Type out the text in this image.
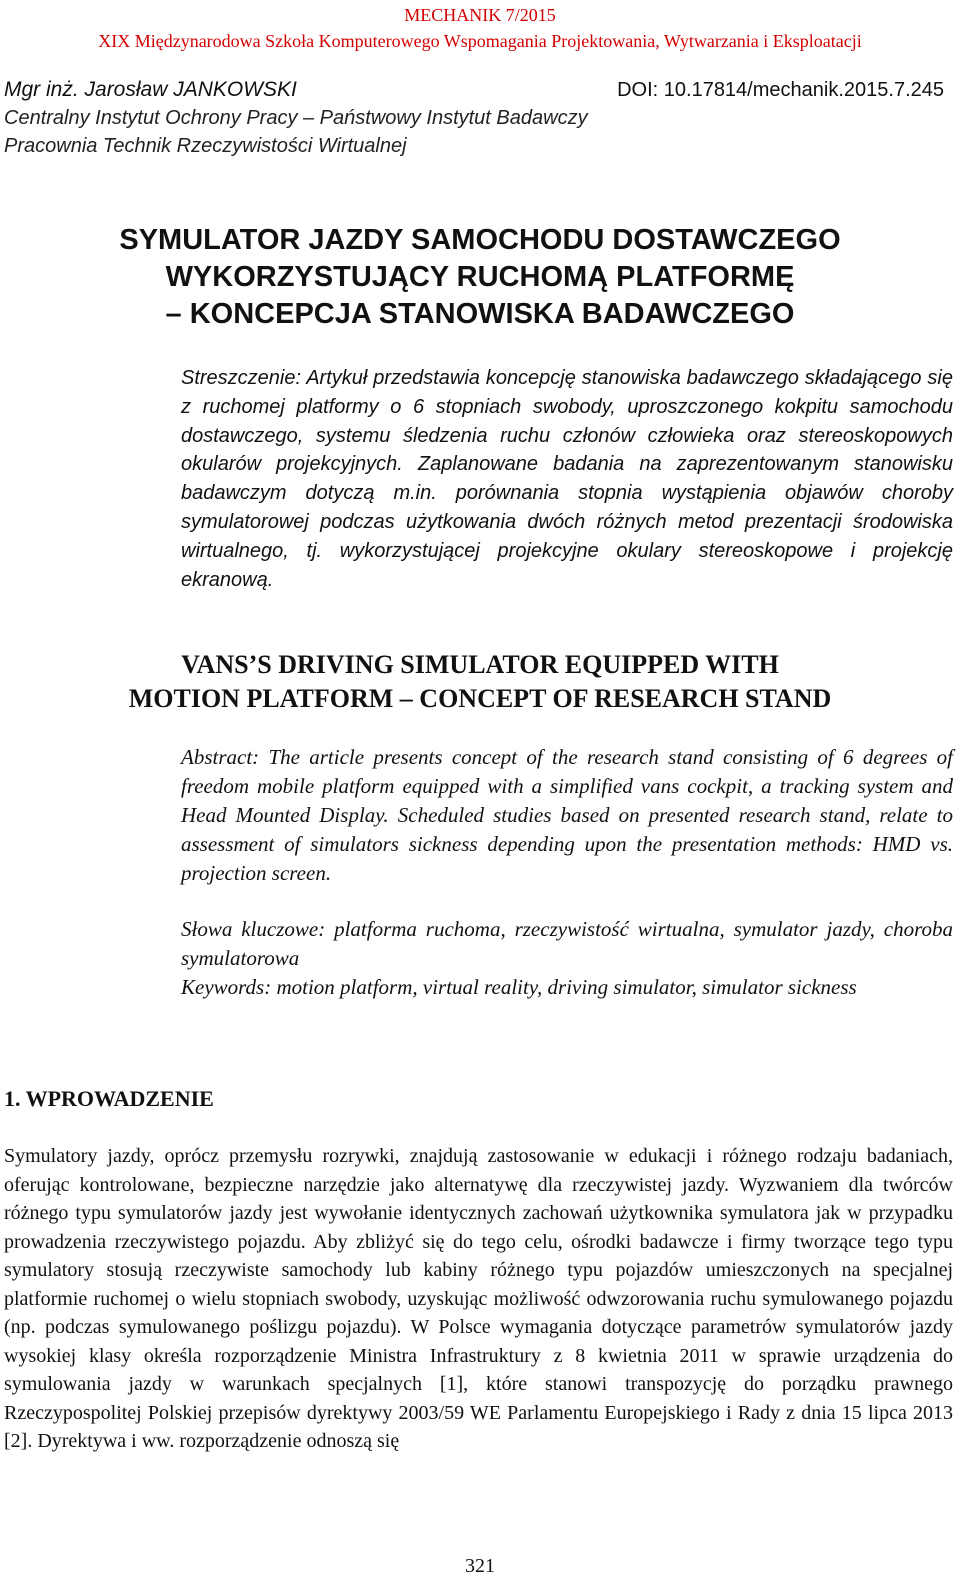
MECHANIK 7/2015
XIX Międzynarodowa Szkoła Komputerowego Wspomagania Projektowania, Wytwarzania i Eksploatacji
Mgr inż. Jarosław JANKOWSKI	DOI: 10.17814/mechanik.2015.7.245
Centralny Instytut Ochrony Pracy – Państwowy Instytut Badawczy
Pracownia Technik Rzeczywistości Wirtualnej
SYMULATOR JAZDY SAMOCHODU DOSTAWCZEGO
WYKORZYSTUJĄCY RUCHOMĄ PLATFORMĘ
– KONCEPCJA STANOWISKA BADAWCZEGO
Streszczenie: Artykuł przedstawia koncepcję stanowiska badawczego składającego się z ruchomej platformy o 6 stopniach swobody, uproszczonego kokpitu samochodu dostawczego, systemu śledzenia ruchu członów człowieka oraz stereoskopowych okularów projekcyjnych. Zaplanowane badania na zaprezentowanym stanowisku badawczym dotyczą m.in. porównania stopnia wystąpienia objawów choroby symulatorowej podczas użytkowania dwóch różnych metod prezentacji środowiska wirtualnego, tj. wykorzystującej projekcyjne okulary stereoskopowe i projekcję ekranową.
VANS’S DRIVING SIMULATOR EQUIPPED WITH
MOTION PLATFORM – CONCEPT OF RESEARCH STAND
Abstract: The article presents concept of the research stand consisting of 6 degrees of freedom mobile platform equipped with a simplified vans cockpit, a tracking system and Head Mounted Display. Scheduled studies based on presented research stand, relate to assessment of simulators sickness depending upon the presentation methods: HMD vs. projection screen.

Słowa kluczowe: platforma ruchoma, rzeczywistość wirtualna, symulator jazdy, choroba symulatorowa

Keywords: motion platform, virtual reality, driving simulator, simulator sickness

1. WPROWADZENIE
Symulatory jazdy, oprócz przemysłu rozrywki, znajdują zastosowanie w edukacji i różnego rodzaju badaniach, oferując kontrolowane, bezpieczne narzędzie jako alternatywę dla rzeczywistej jazdy. Wyzwaniem dla twórców różnego typu symulatorów jazdy jest wywołanie identycznych zachowań użytkownika symulatora jak w przypadku prowadzenia rzeczywistego pojazdu. Aby zbliżyć się do tego celu, ośrodki badawcze i firmy tworzące tego typu symulatory stosują rzeczywiste samochody lub kabiny różnego typu pojazdów umieszczonych na specjalnej platformie ruchomej o wielu stopniach swobody, uzyskując możliwość odwzorowania ruchu symulowanego pojazdu (np. podczas symulowanego poślizgu pojazdu). W Polsce wymagania dotyczące parametrów symulatorów jazdy wysokiej klasy określa rozporządzenie Ministra Infrastruktury z 8 kwietnia 2011 w sprawie urządzenia do symulowania jazdy w warunkach specjalnych [1], które stanowi transpozycję do porządku prawnego Rzeczypospolitej Polskiej przepisów dyrektywy 2003/59 WE Parlamentu Europejskiego i Rady z dnia 15 lipca 2013 [2]. Dyrektywa i ww. rozporządzenie odnoszą się
321
